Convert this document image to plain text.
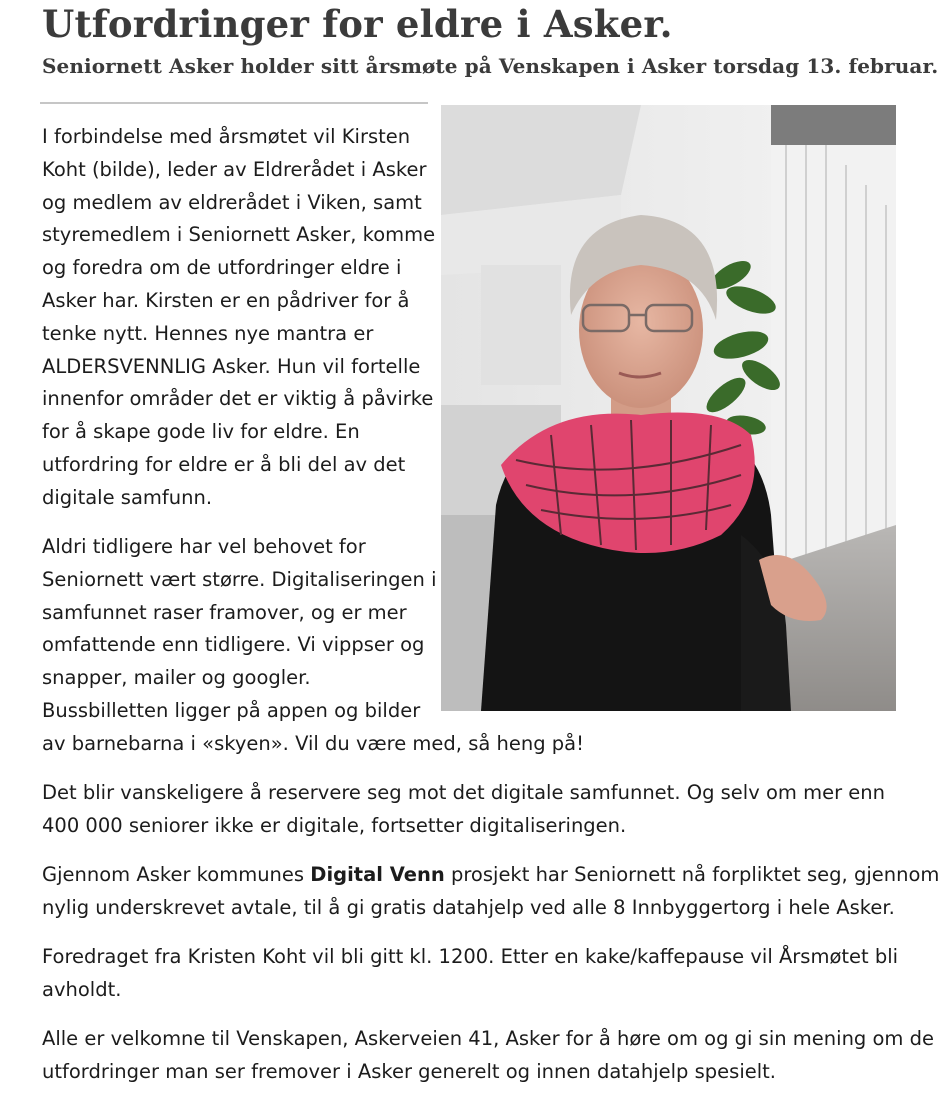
Utfordringer for eldre i Asker.
Seniornett Asker holder sitt årsmøte på Venskapen i Asker torsdag 13. februar.
I forbindelse med årsmøtet vil Kirsten
Koht (bilde), leder av Eldrerådet i Asker
og medlem av eldrerådet i Viken, samt
styremedlem i Seniornett Asker, komme
og foredra om de utfordringer eldre i
Asker har. Kirsten er en pådriver for å
tenke nytt. Hennes nye mantra er
ALDERSVENNLIG Asker. Hun vil fortelle
innenfor områder det er viktig å påvirke
for å skape gode liv for eldre. En
utfordring for eldre er å bli del av det
digitale samfunn.
Aldri tidligere har vel behovet for
Seniornett vært større. Digitaliseringen i
samfunnet raser framover, og er mer
omfattende enn tidligere. Vi vippser og
snapper, mailer og googler.
Bussbilletten ligger på appen og bilder
av barnebarna i «skyen». Vil du være med, så heng på!
Det blir vanskeligere å reservere seg mot det digitale samfunnet. Og selv om mer enn
400 000 seniorer ikke er digitale, fortsetter digitaliseringen.
Gjennom Asker kommunes Digital Venn prosjekt har Seniornett nå forpliktet seg, gjennom
nylig underskrevet avtale, til å gi gratis datahjelp ved alle 8 Innbyggertorg i hele Asker.
Foredraget fra Kristen Koht vil bli gitt kl. 1200. Etter en kake/kaffepause vil Årsmøtet bli
avholdt.
Alle er velkomne til Venskapen, Askerveien 41, Asker for å høre om og gi sin mening om de
utfordringer man ser fremover i Asker generelt og innen datahjelp spesielt.
